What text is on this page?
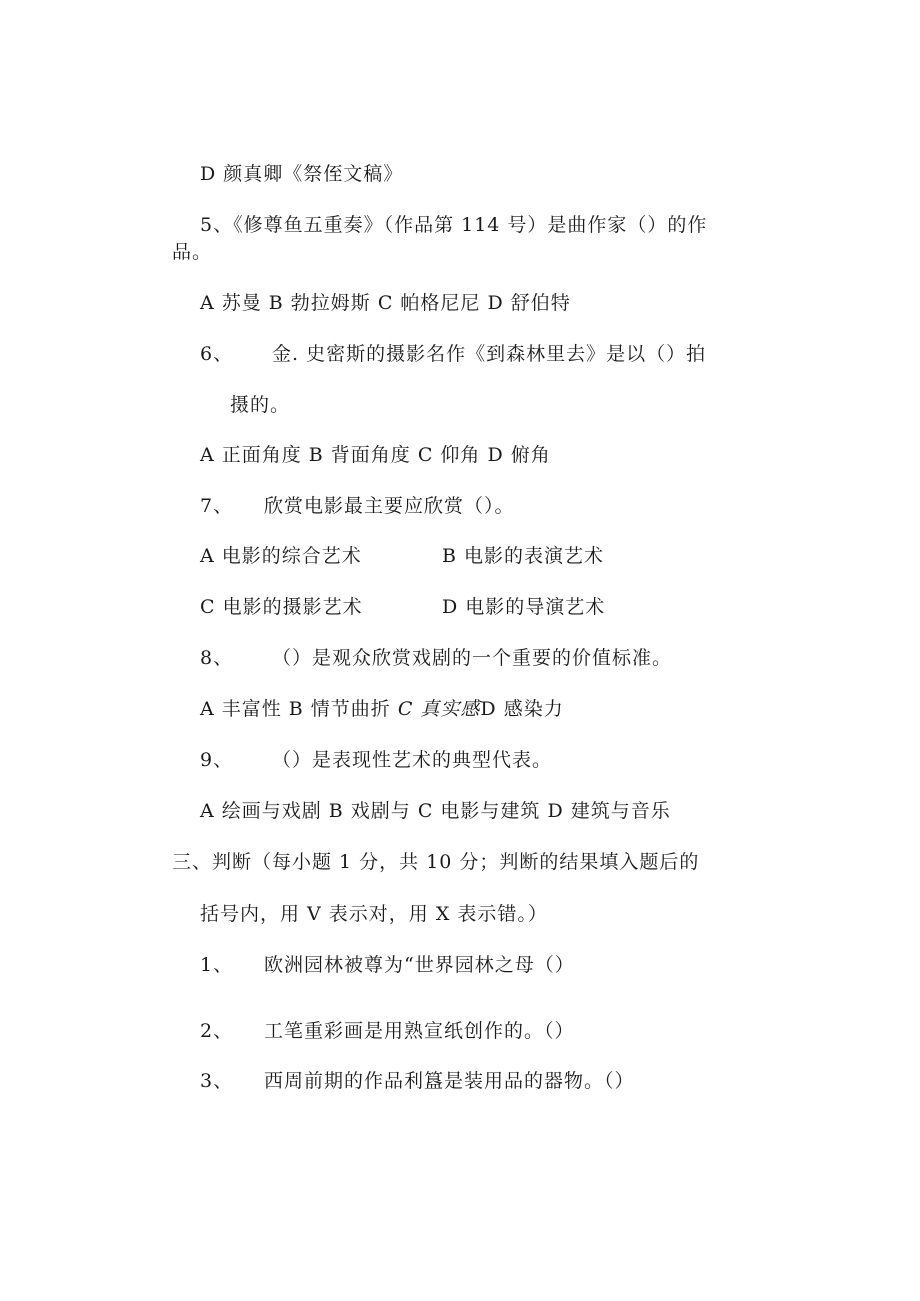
D 颜真卿《祭侄文稿》
5、《修尊鱼五重奏》（作品第 114 号）是曲作家（）的作
品。
A 苏曼 B 勃拉姆斯 C 帕格尼尼 D 舒伯特
6、 金. 史密斯的摄影名作《到森林里去》是以（）拍
摄的。
A 正面角度 B 背面角度 C 仰角 D 俯角
7、 欣赏电影最主要应欣赏（）。
A 电影的综合艺术	B 电影的表演艺术
C 电影的摄影艺术	D 电影的导演艺术
8、 （）是观众欣赏戏剧的一个重要的价值标准。
A 丰富性 B 情节曲折 C 真实感D 感染力
9、 （）是表现性艺术的典型代表。
A 绘画与戏剧 B 戏剧与 C 电影与建筑 D 建筑与音乐
三、判断（每小题 1 分，共 10 分；判断的结果填入题后的
括号内，用 V 表示对，用 X 表示错。）
1、 欧洲园林被尊为“世界园林之母（）
2、 工笔重彩画是用熟宣纸创作的。（）
3、 西周前期的作品利簋是装用品的器物。（）
